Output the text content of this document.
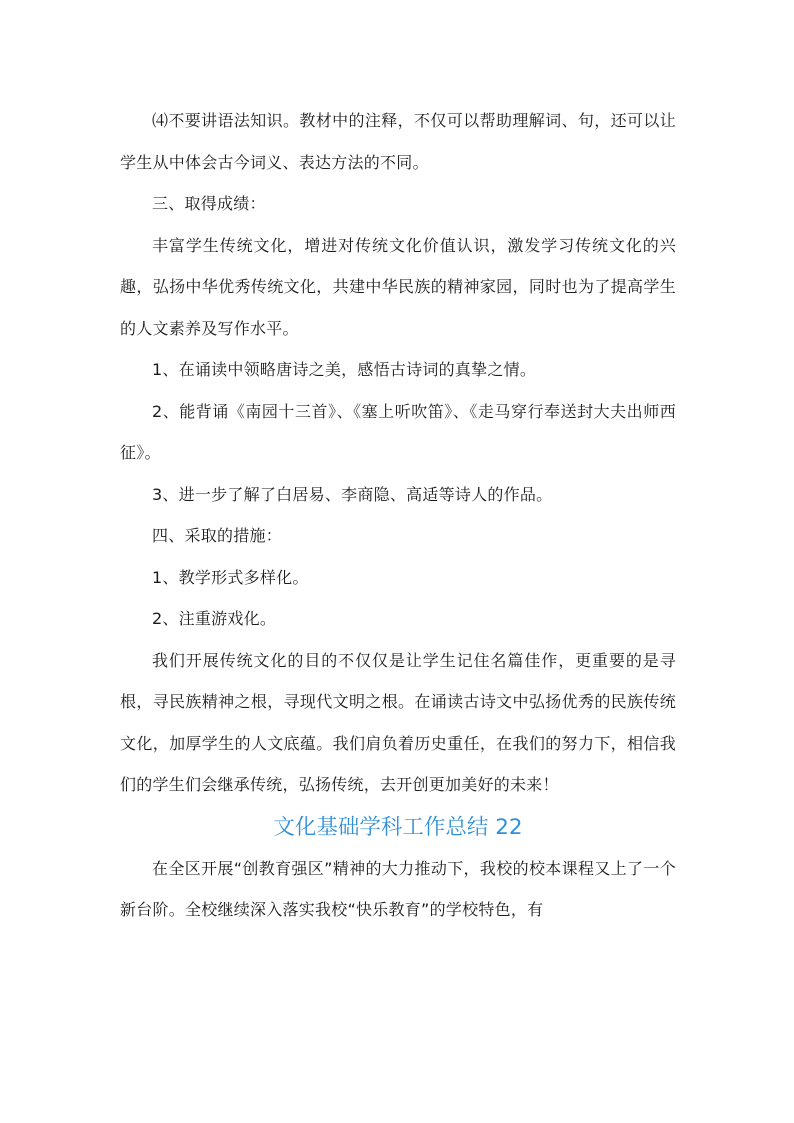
⑷不要讲语法知识。教材中的注释，不仅可以帮助理解词、句，还可以让学生从中体会古今词义、表达方法的不同。

三、取得成绩：

丰富学生传统文化，增进对传统文化价值认识，激发学习传统文化的兴趣，弘扬中华优秀传统文化，共建中华民族的精神家园，同时也为了提高学生的人文素养及写作水平。

1、在诵读中领略唐诗之美，感悟古诗词的真挚之情。

2、能背诵《南园十三首》、《塞上听吹笛》、《走马穿行奉送封大夫出师西征》。

3、进一步了解了白居易、李商隐、高适等诗人的作品。

四、采取的措施：

1、教学形式多样化。

2、注重游戏化。

我们开展传统文化的目的不仅仅是让学生记住名篇佳作，更重要的是寻根，寻民族精神之根，寻现代文明之根。在诵读古诗文中弘扬优秀的民族传统文化，加厚学生的人文底蕴。我们肩负着历史重任，在我们的努力下，相信我们的学生们会继承传统，弘扬传统，去开创更加美好的未来！

文化基础学科工作总结 22

在全区开展“创教育强区”精神的大力推动下，我校的校本课程又上了一个新台阶。全校继续深入落实我校“快乐教育”的学校特色，有
